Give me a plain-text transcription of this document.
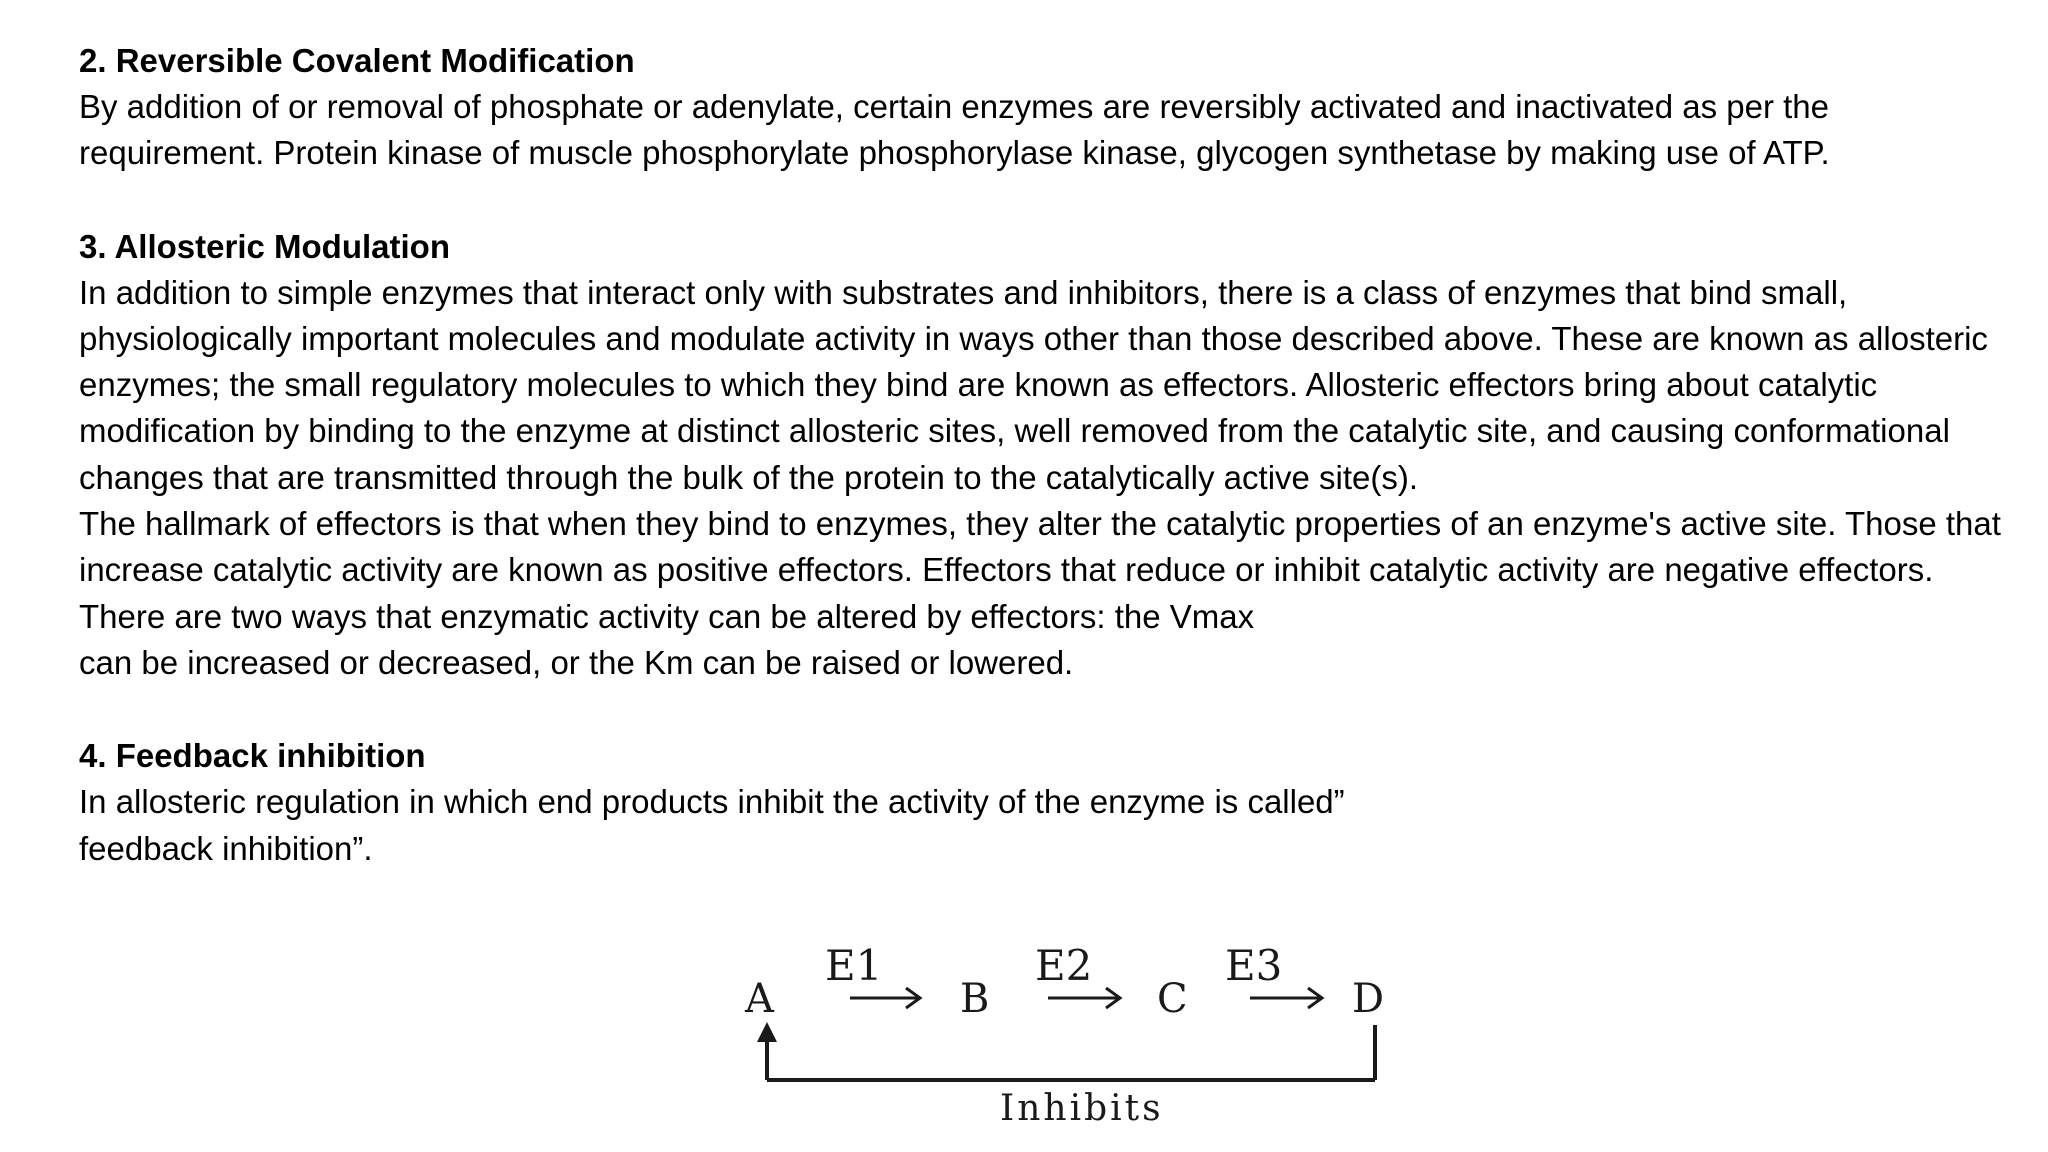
2. Reversible Covalent Modification

By addition of or removal of phosphate or adenylate, certain enzymes are reversibly activated and inactivated as per the requirement. Protein kinase of muscle phosphorylate phosphorylase kinase, glycogen synthetase by making use of ATP.

3. Allosteric Modulation

In addition to simple enzymes that interact only with substrates and inhibitors, there is a class of enzymes that bind small, physiologically important molecules and modulate activity in ways other than those described above. These are known as allosteric enzymes; the small regulatory molecules to which they bind are known as effectors. Allosteric effectors bring about catalytic modification by binding to the enzyme at distinct allosteric sites, well removed from the catalytic site, and causing conformational changes that are transmitted through the bulk of the protein to the catalytically active site(s).

The hallmark of effectors is that when they bind to enzymes, they alter the catalytic properties of an enzyme's active site. Those that increase catalytic activity are known as positive effectors. Effectors that reduce or inhibit catalytic activity are negative effectors.

There are two ways that enzymatic activity can be altered by effectors: the Vmax

can be increased or decreased, or the Km can be raised or lowered.

4. Feedback inhibition

In allosteric regulation in which end products inhibit the activity of the enzyme is called”

feedback inhibition”.

E1	E2	E3
A	B	C	D
Inhibits
